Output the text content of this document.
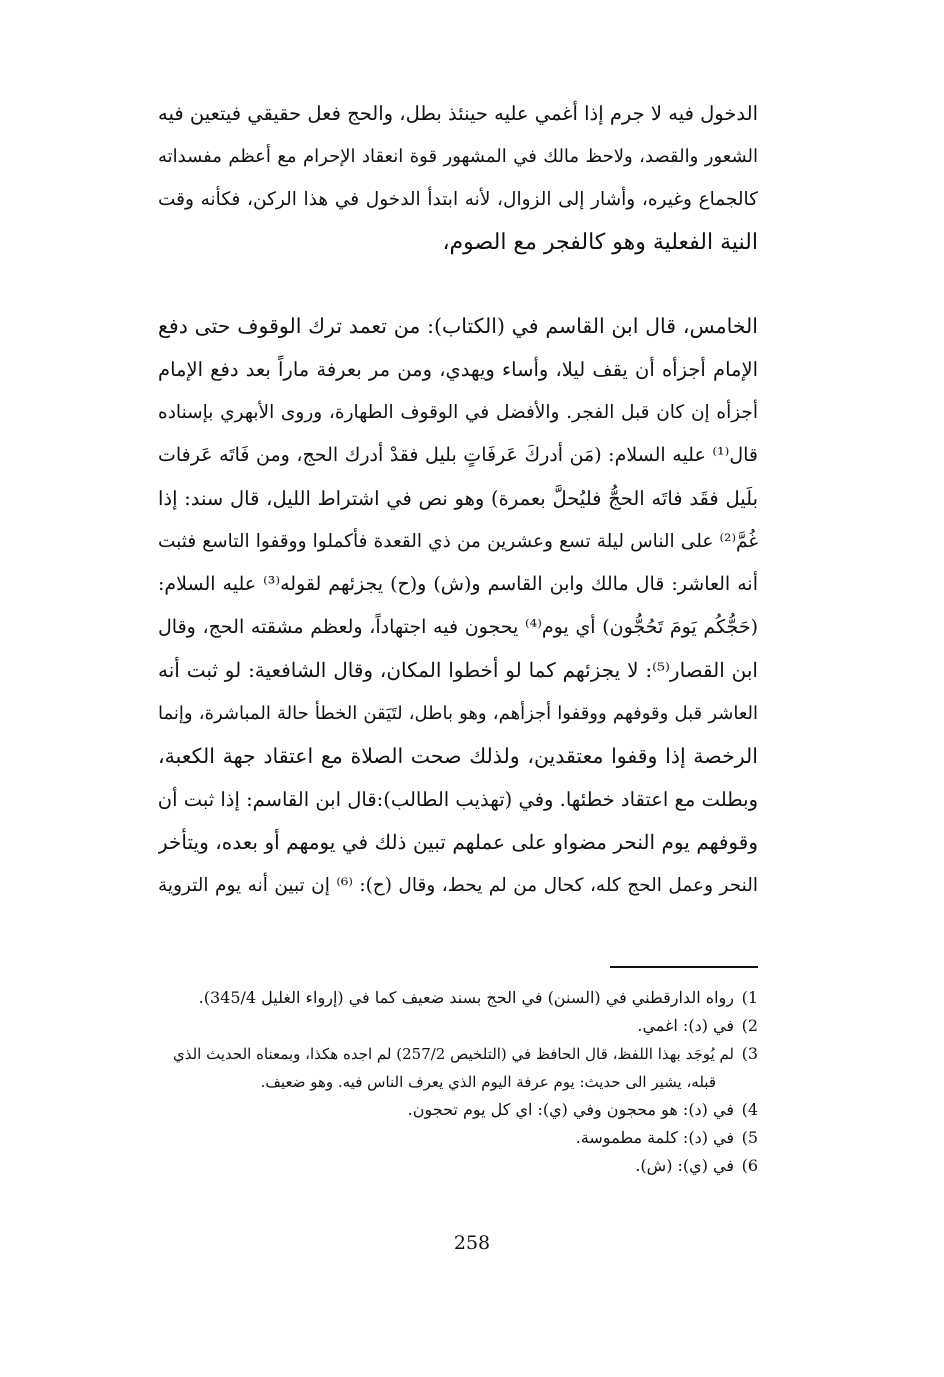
الدخول فيه لا جرم إذا أغمي عليه حينئذ بطل، والحج فعل حقيقي فيتعين فيه
الشعور والقصد، ولاحظ مالك في المشهور قوة انعقاد الإحرام مع أعظم مفسداته
كالجماع وغيره، وأشار إلى الزوال، لأنه ابتدأ الدخول في هذا الركن، فكأنه وقت
النية الفعلية وهو كالفجر مع الصوم،
الخامس، قال ابن القاسم في (الكتاب): من تعمد ترك الوقوف حتى دفع
الإمام أجزأه أن يقف ليلا، وأساء ويهدي، ومن مر بعرفة ماراً بعد دفع الإمام
أجزأه إن كان قبل الفجر. والأفضل في الوقوف الطهارة، وروى الأبهري بإسناده
قال⁽¹⁾ عليه السلام: (مَن أدركَ عَرفَاتٍ بليل فقدْ أدرك الحج، ومن فَاتَه عَرفات
بلَيل فقَد فاتَه الحجُّ فليُحلَّ بعمرة) وهو نص في اشتراط الليل، قال سند: إذا
غُمَّ⁽²⁾ على الناس ليلة تسع وعشرين من ذي القعدة فأكملوا ووقفوا التاسع فثبت
أنه العاشر: قال مالك وابن القاسم و(ش) و(ح) يجزئهم لقوله⁽³⁾ عليه السلام:
(حَجُّكُم يَومَ تَحُجُّون) أي يوم⁽⁴⁾ يحجون فيه اجتهاداً، ولعظم مشقته الحج، وقال
ابن القصار⁽⁵⁾: لا يجزئهم كما لو أخطوا المكان، وقال الشافعية: لو ثبت أنه
العاشر قبل وقوفهم ووقفوا أجزأهم، وهو باطل، لتَيَقن الخطأ حالة المباشرة، وإنما
الرخصة إذا وقفوا معتقدين، ولذلك صحت الصلاة مع اعتقاد جهة الكعبة،
وبطلت مع اعتقاد خطئها. وفي (تهذيب الطالب):قال ابن القاسم: إذا ثبت أن
وقوفهم يوم النحر مضواو على عملهم تبين ذلك في يومهم أو بعده، ويتأخر
النحر وعمل الحج كله، كحال من لم يحط، وقال (ح): ⁽⁶⁾ إن تبين أنه يوم التروية
1)
رواه الدارقطني في (السنن) في الحج بسند ضعيف كما في (إرواء الغليل 345/4).
2)
في (د): اغمي.
3)
لم يُوجَد بهذا اللفظ، قال الحافظ في (التلخيص 257/2) لم اجده هكذا، وبمعناه الحديث الذي
قبله، يشير الى حديث: يوم عرفة اليوم الذي يعرف الناس فيه. وهو ضعيف.
4)
في (د): هو محجون وفي (ي): اي كل يوم تحجون.
5)
في (د): كلمة مطموسة.
6)
في (ي): (ش).
258
